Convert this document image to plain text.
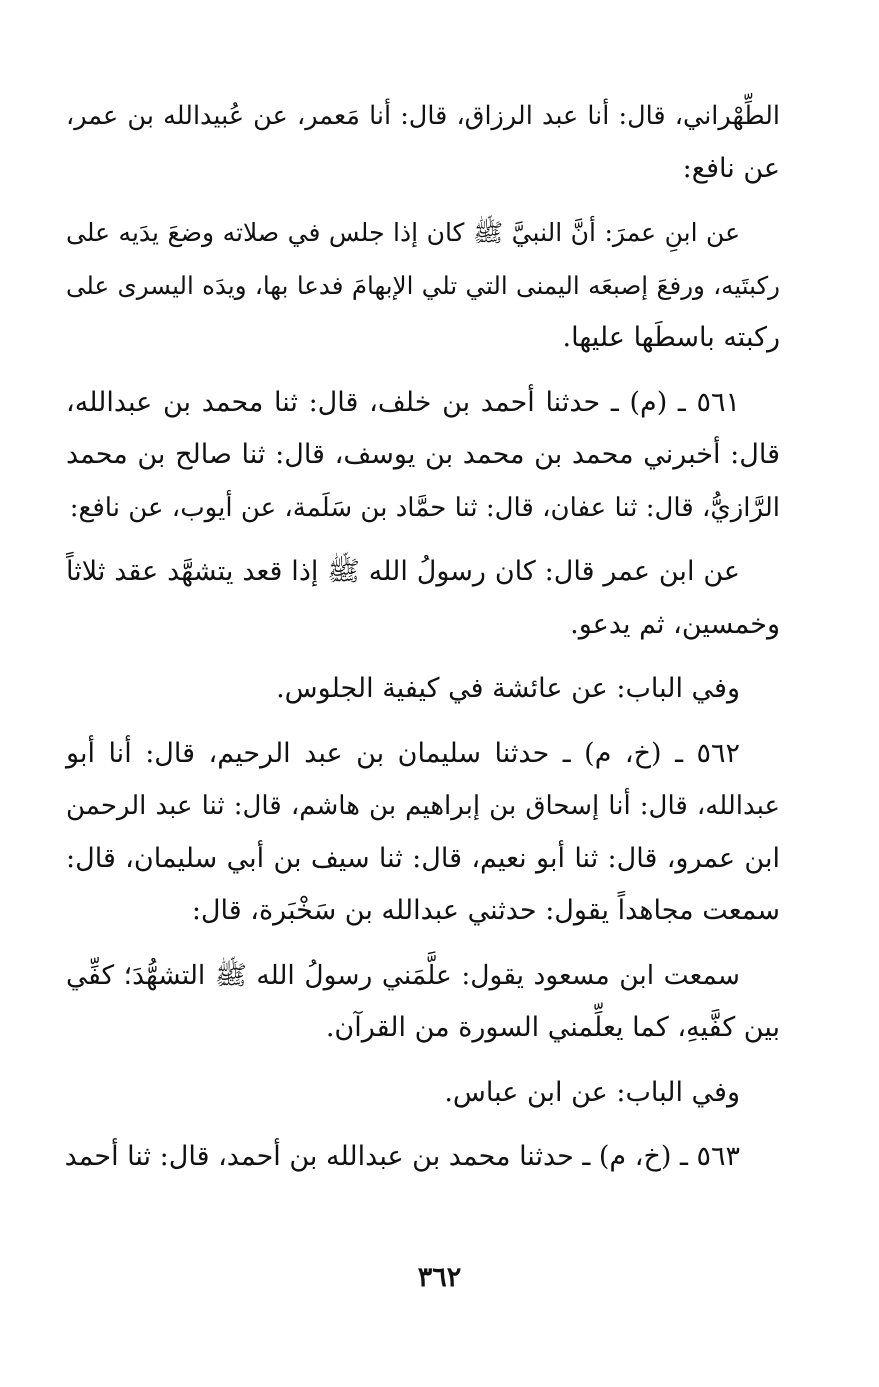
الطِّهْراني، قال: أنا عبد الرزاق، قال: أنا مَعمر، عن عُبيدالله بن عمر،
عن نافع:
عن ابنِ عمرَ: أنَّ النبيَّ ﷺ كان إذا جلس في صلاته وضعَ يدَيه على
ركبتَيه، ورفعَ إصبعَه اليمنى التي تلي الإبهامَ فدعا بها، ويدَه اليسرى على
ركبته باسطَها عليها.
٥٦١ ـ (م) ـ حدثنا أحمد بن خلف، قال: ثنا محمد بن عبدالله،
قال: أخبرني محمد بن محمد بن يوسف، قال: ثنا صالح بن محمد
الرَّازيُّ، قال: ثنا عفان، قال: ثنا حمَّاد بن سَلَمة، عن أيوب، عن نافع:
عن ابن عمر قال: كان رسولُ الله ﷺ إذا قعد يتشهَّد عقد ثلاثاً
وخمسين، ثم يدعو.
وفي الباب: عن عائشة في كيفية الجلوس.
٥٦٢ ـ (خ، م) ـ حدثنا سليمان بن عبد الرحيم، قال: أنا أبو
عبدالله، قال: أنا إسحاق بن إبراهيم بن هاشم، قال: ثنا عبد الرحمن
ابن عمرو، قال: ثنا أبو نعيم، قال: ثنا سيف بن أبي سليمان، قال:
سمعت مجاهداً يقول: حدثني عبدالله بن سَخْبَرة، قال:
سمعت ابن مسعود يقول: علَّمَني رسولُ الله ﷺ التشهُّدَ؛ كفِّي
بين كفَّيهِ، كما يعلِّمني السورة من القرآن.
وفي الباب: عن ابن عباس.
٥٦٣ ـ (خ، م) ـ حدثنا محمد بن عبدالله بن أحمد، قال: ثنا أحمد
٣٦٢
